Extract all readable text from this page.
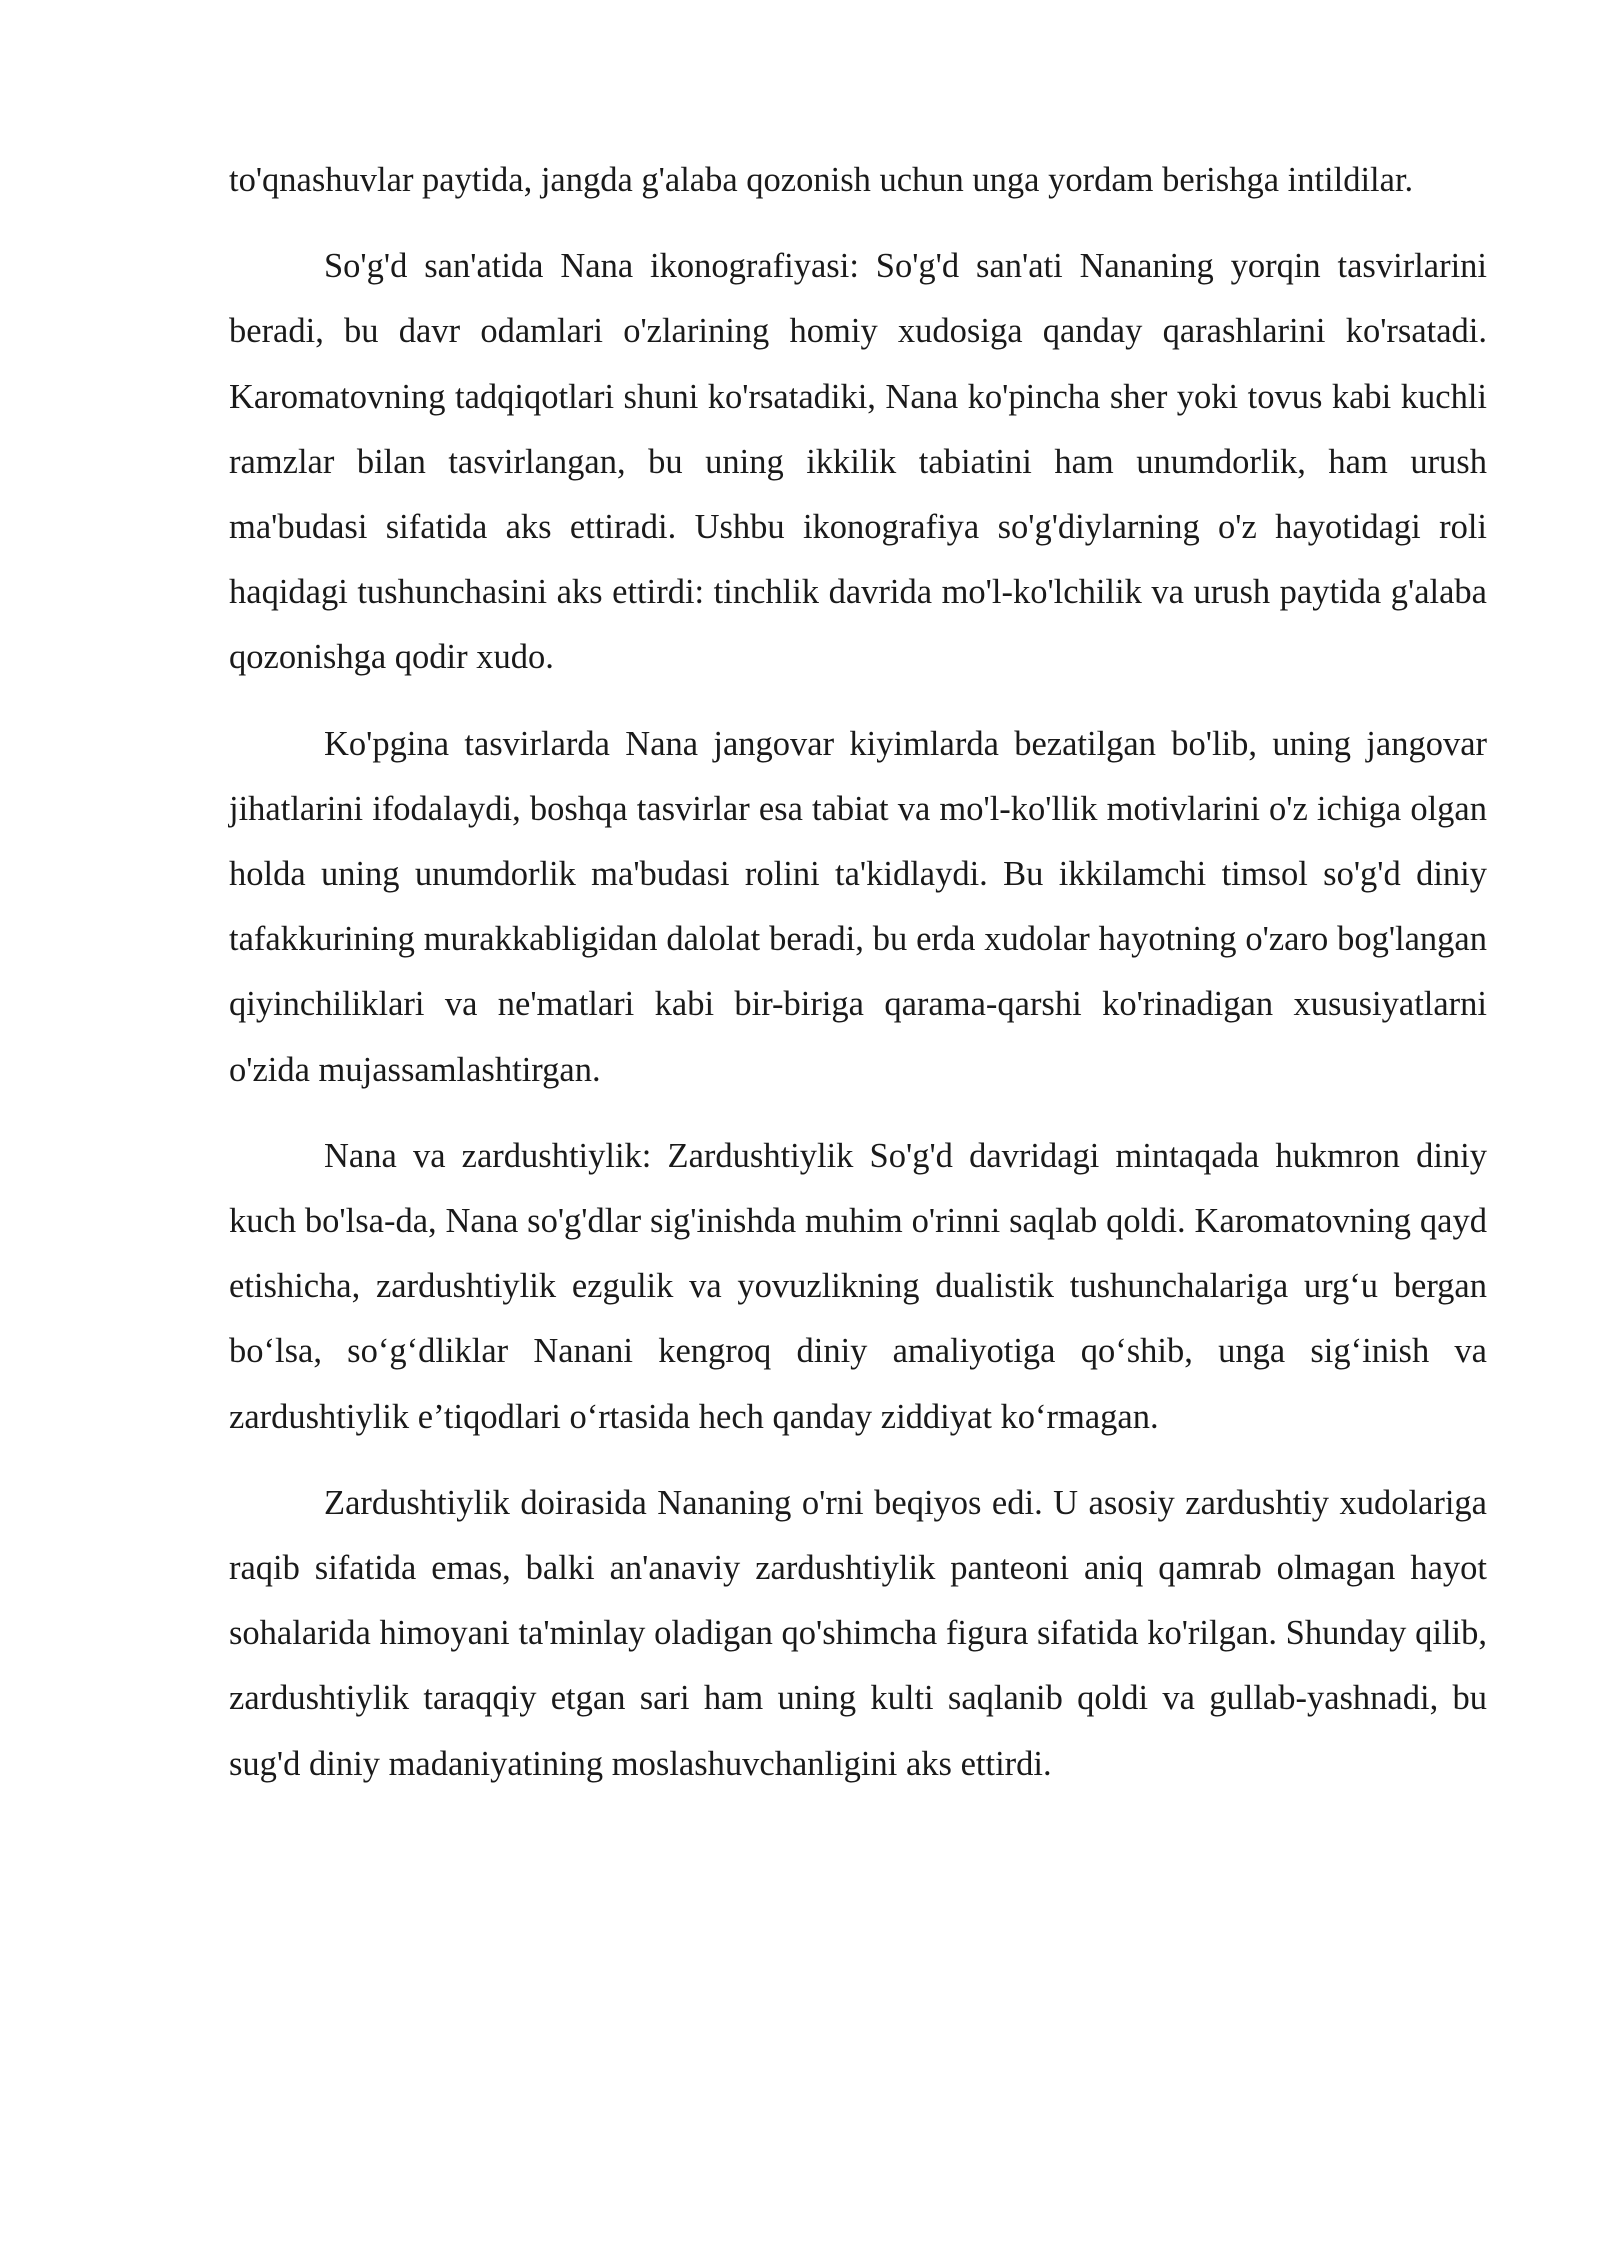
to'qnashuvlar paytida, jangda g'alaba qozonish uchun unga yordam berishga intildilar.

So'g'd san'atida Nana ikonografiyasi: So'g'd san'ati Nananing yorqin tasvirlarini beradi, bu davr odamlari o'zlarining homiy xudosiga qanday qarashlarini ko'rsatadi. Karomatovning tadqiqotlari shuni ko'rsatadiki, Nana ko'pincha sher yoki tovus kabi kuchli ramzlar bilan tasvirlangan, bu uning ikkilik tabiatini ham unumdorlik, ham urush ma'budasi sifatida aks ettiradi. Ushbu ikonografiya so'g'diylarning o'z hayotidagi roli haqidagi tushunchasini aks ettirdi: tinchlik davrida mo'l-ko'lchilik va urush paytida g'alaba qozonishga qodir xudo.

Ko'pgina tasvirlarda Nana jangovar kiyimlarda bezatilgan bo'lib, uning jangovar jihatlarini ifodalaydi, boshqa tasvirlar esa tabiat va mo'l-ko'llik motivlarini o'z ichiga olgan holda uning unumdorlik ma'budasi rolini ta'kidlaydi. Bu ikkilamchi timsol so'g'd diniy tafakkurining murakkabligidan dalolat beradi, bu erda xudolar hayotning o'zaro bog'langan qiyinchiliklari va ne'matlari kabi bir-biriga qarama-qarshi ko'rinadigan xususiyatlarni o'zida mujassamlashtirgan.

Nana va zardushtiylik: Zardushtiylik So'g'd davridagi mintaqada hukmron diniy kuch bo'lsa-da, Nana so'g'dlar sig'inishda muhim o'rinni saqlab qoldi. Karomatovning qayd etishicha, zardushtiylik ezgulik va yovuzlikning dualistik tushunchalariga urg‘u bergan bo‘lsa, so‘g‘dliklar Nanani kengroq diniy amaliyotiga qo‘shib, unga sig‘inish va zardushtiylik e’tiqodlari o‘rtasida hech qanday ziddiyat ko‘rmagan.

Zardushtiylik doirasida Nananing o'rni beqiyos edi. U asosiy zardushtiy xudolariga raqib sifatida emas, balki an'anaviy zardushtiylik panteoni aniq qamrab olmagan hayot sohalarida himoyani ta'minlay oladigan qo'shimcha figura sifatida ko'rilgan. Shunday qilib, zardushtiylik taraqqiy etgan sari ham uning kulti saqlanib qoldi va gullab-yashnadi, bu sug'd diniy madaniyatining moslashuvchanligini aks ettirdi.
